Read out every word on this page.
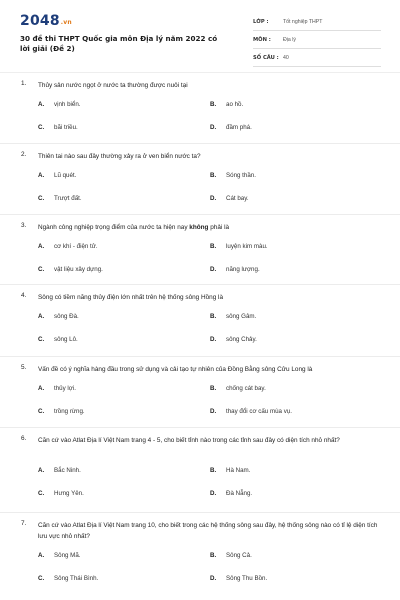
2048.vn
30 đề thi THPT Quốc gia môn Địa lý năm 2022 có lời giải (Đề 2)
LỚP :	Tốt nghiệp THPT
MÔN :	Địa lý
SỐ CÂU : 40
1. Thủy sản nước ngọt ở nước ta thường được nuôi tại
A. vịnh biển.	B. ao hồ.
C. bãi triều.	D. đầm phá.
2. Thiên tai nào sau đây thường xảy ra ở ven biển nước ta?
A. Lũ quét.	B. Sóng thần.
C. Trượt đất.	D. Cát bay.
3. Ngành công nghiệp trọng điểm của nước ta hiện nay không phải là
A. cơ khí - điện tử.	B. luyện kim màu.
C. vật liệu xây dựng.	D. năng lượng.
4. Sông có tiềm năng thủy điện lớn nhất trên hệ thống sông Hồng là
A. sông Đà.	B. sông Gâm.
C. sông Lô.	D. sông Chảy.
5. Vấn đề có ý nghĩa hàng đầu trong sử dụng và cải tạo tự nhiên của Đồng Bằng sông Cửu Long là
A. thủy lợi.	B. chống cát bay.
C. trồng rừng.	D. thay đổi cơ cấu mùa vụ.
6. Căn cứ vào Atlat Địa lí Việt Nam trang 4 - 5, cho biết tỉnh nào trong các tỉnh sau đây có diện tích nhỏ nhất?
A. Bắc Ninh.	B. Hà Nam.
C. Hưng Yên.	D. Đà Nẵng.
7. Căn cứ vào Atlat Địa lí Việt Nam trang 10, cho biết trong các hệ thống sông sau đây, hệ thống sông nào có tỉ lệ diện tích lưu vực nhỏ nhất?
A. Sông Mã.	B. Sông Cả.
C. Sông Thái Bình.	D. Sông Thu Bồn.
